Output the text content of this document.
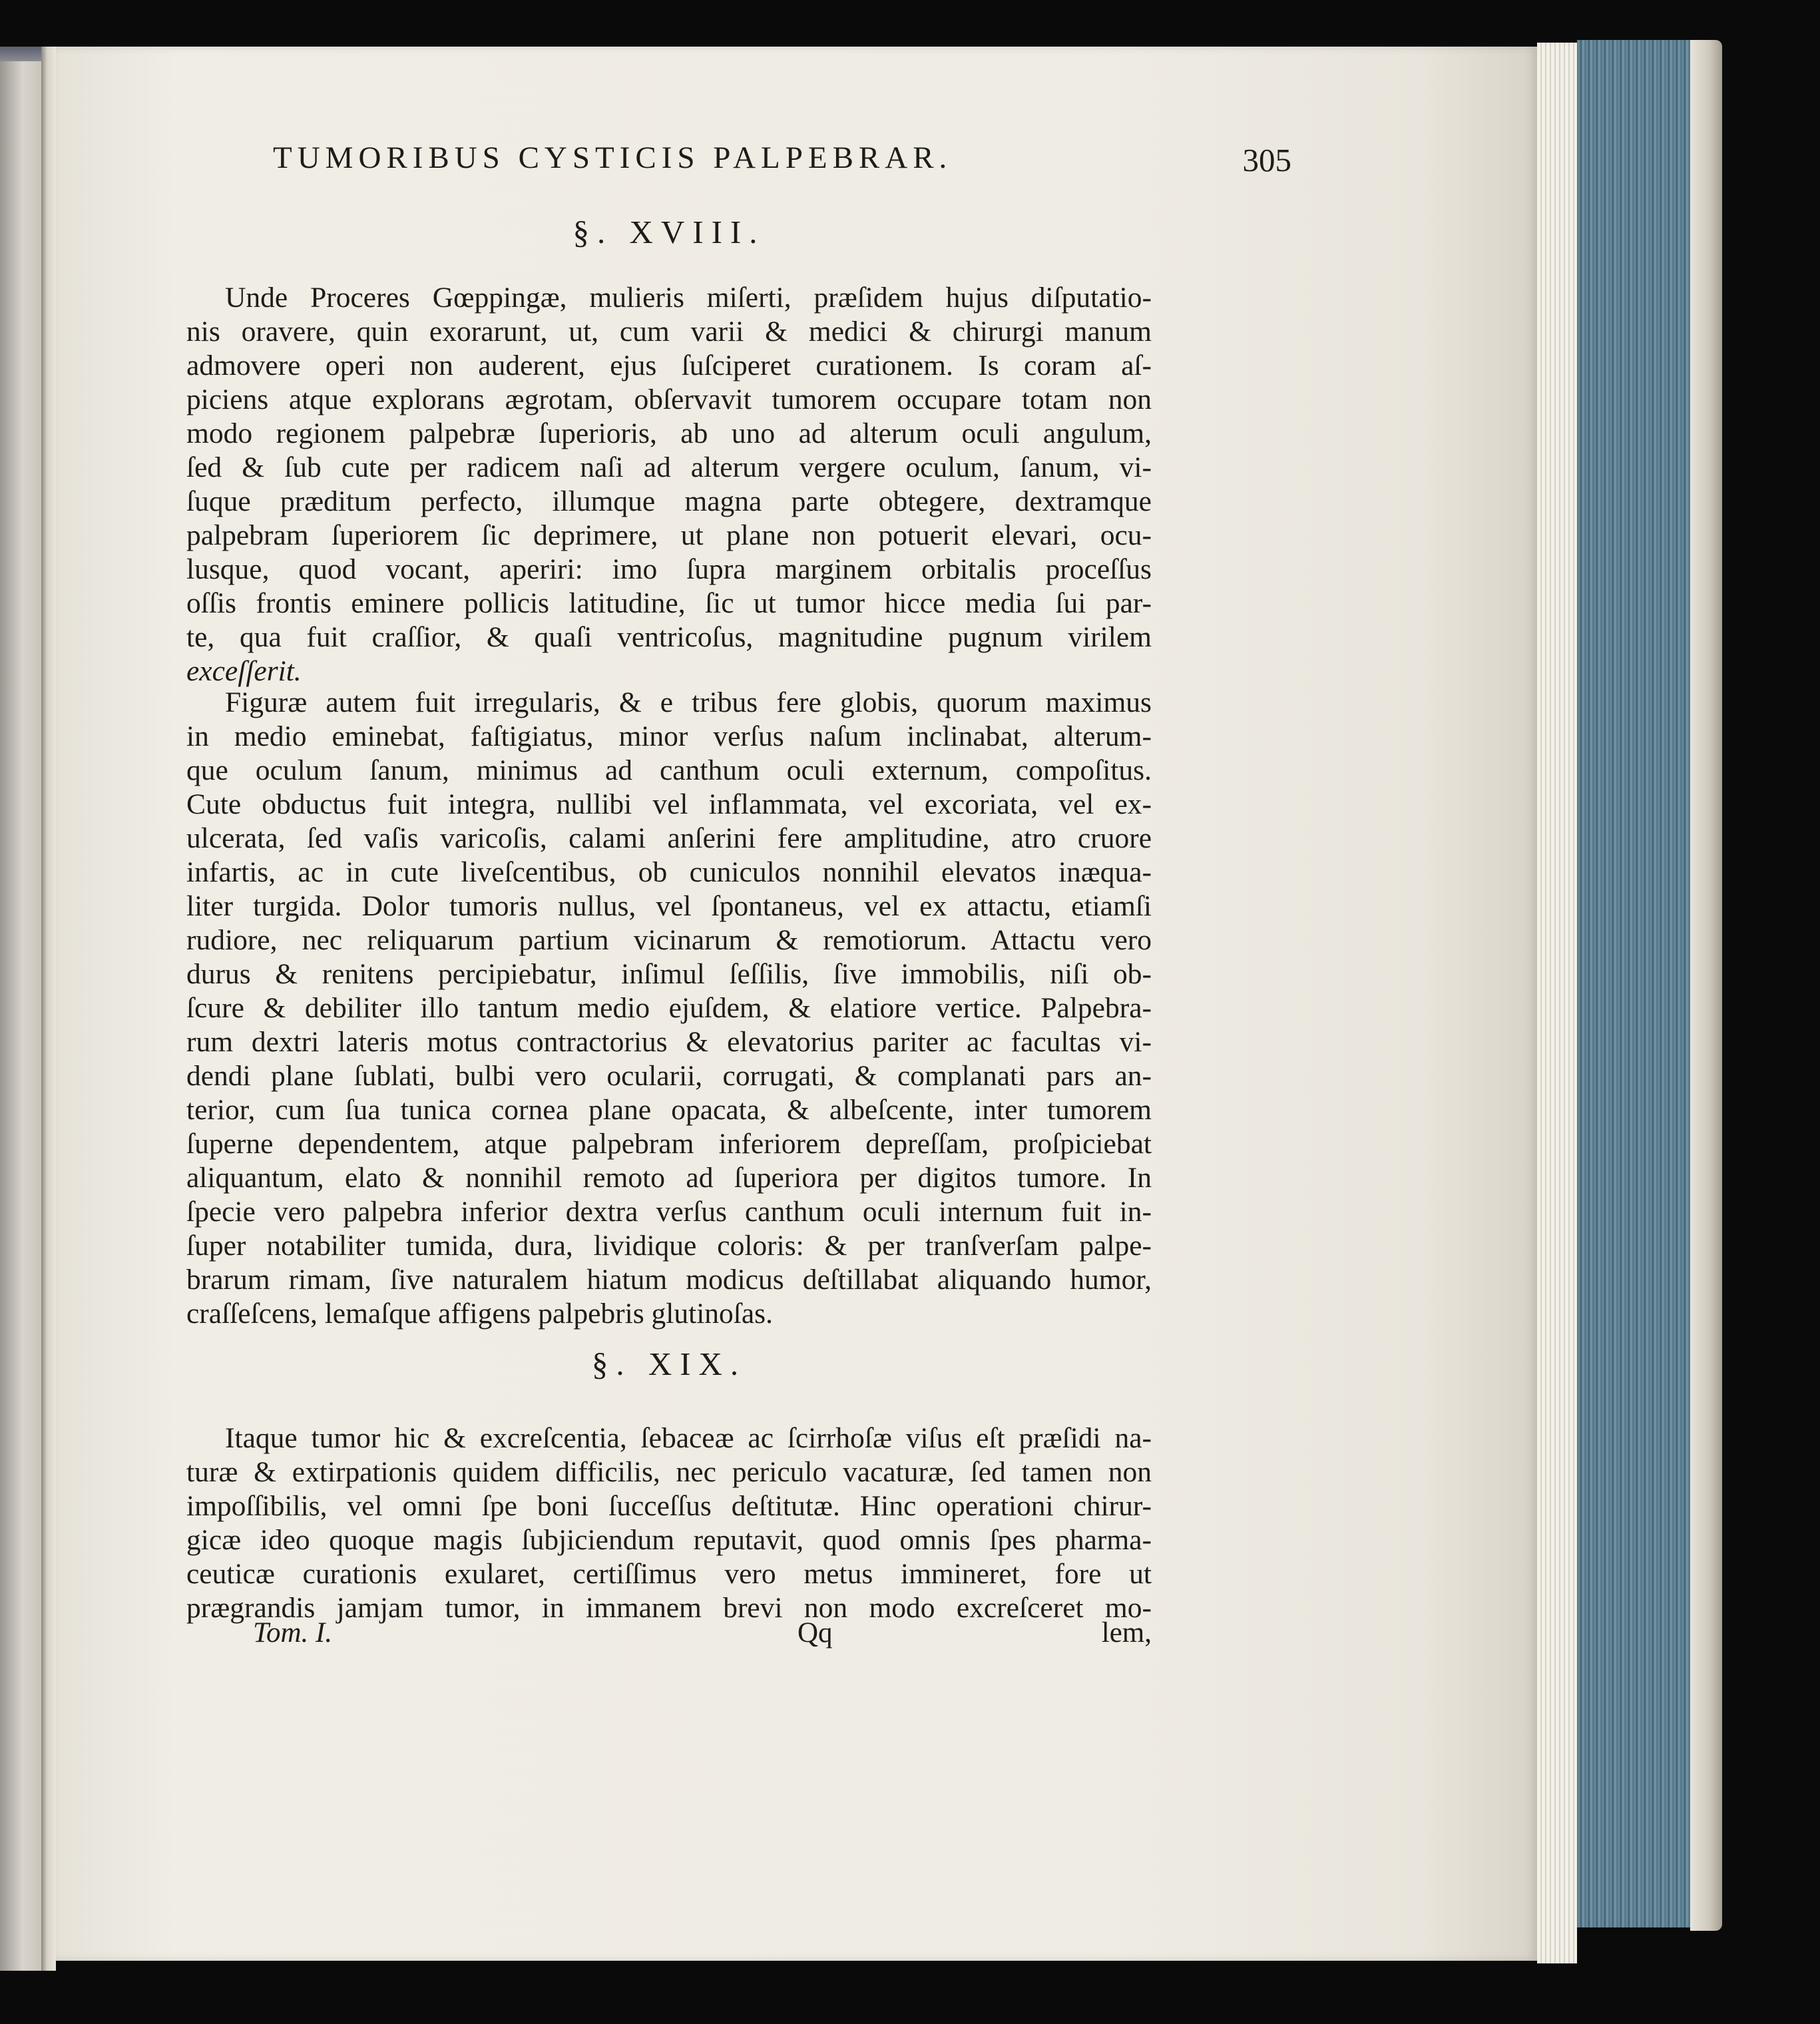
TUMORIBUS CYSTICIS PALPEBRAR.	305
§. XVIII.
Unde Proceres Gœppingæ, mulieris miſerti, præſidem hujus diſputatio-
nis oravere, quin exorarunt, ut, cum varii & medici & chirurgi manum
admovere operi non auderent, ejus ſuſciperet curationem. Is coram aſ-
piciens atque explorans ægrotam, obſervavit tumorem occupare totam non
modo regionem palpebræ ſuperioris, ab uno ad alterum oculi angulum,
ſed & ſub cute per radicem naſi ad alterum vergere oculum, ſanum, vi-
ſuque præditum perfecto, illumque magna parte obtegere, dextramque
palpebram ſuperiorem ſic deprimere, ut plane non potuerit elevari, ocu-
lusque, quod vocant, aperiri: imo ſupra marginem orbitalis proceſſus
oſſis frontis eminere pollicis latitudine, ſic ut tumor hicce media ſui par-
te, qua fuit craſſior, & quaſi ventricoſus, magnitudine pugnum virilem
exceſſerit.
Figuræ autem fuit irregularis, & e tribus fere globis, quorum maximus
in medio eminebat, faſtigiatus, minor verſus naſum inclinabat, alterum-
que oculum ſanum, minimus ad canthum oculi externum, compoſitus.
Cute obductus fuit integra, nullibi vel inflammata, vel excoriata, vel ex-
ulcerata, ſed vaſis varicoſis, calami anſerini fere amplitudine, atro cruore
infartis, ac in cute liveſcentibus, ob cuniculos nonnihil elevatos inæqua-
liter turgida. Dolor tumoris nullus, vel ſpontaneus, vel ex attactu, etiamſi
rudiore, nec reliquarum partium vicinarum & remotiorum. Attactu vero
durus & renitens percipiebatur, inſimul ſeſſilis, ſive immobilis, niſi ob-
ſcure & debiliter illo tantum medio ejuſdem, & elatiore vertice. Palpebra-
rum dextri lateris motus contractorius & elevatorius pariter ac facultas vi-
dendi plane ſublati, bulbi vero ocularii, corrugati, & complanati pars an-
terior, cum ſua tunica cornea plane opacata, & albeſcente, inter tumorem
ſuperne dependentem, atque palpebram inferiorem depreſſam, proſpiciebat
aliquantum, elato & nonnihil remoto ad ſuperiora per digitos tumore. In
ſpecie vero palpebra inferior dextra verſus canthum oculi internum fuit in-
ſuper notabiliter tumida, dura, lividique coloris: & per tranſverſam palpe-
brarum rimam, ſive naturalem hiatum modicus deſtillabat aliquando humor,
craſſeſcens, lemaſque affigens palpebris glutinoſas.
§. XIX.
Itaque tumor hic & excreſcentia, ſebaceæ ac ſcirrhoſæ viſus eſt præſidi na-
turæ & extirpationis quidem difficilis, nec periculo vacaturæ, ſed tamen non
impoſſibilis, vel omni ſpe boni ſucceſſus deſtitutæ. Hinc operationi chirur-
gicæ ideo quoque magis ſubjiciendum reputavit, quod omnis ſpes pharma-
ceuticæ curationis exularet, certiſſimus vero metus immineret, fore ut
prægrandis jamjam tumor, in immanem brevi non modo excreſceret mo-
Tom. I.	Qq	lem,
